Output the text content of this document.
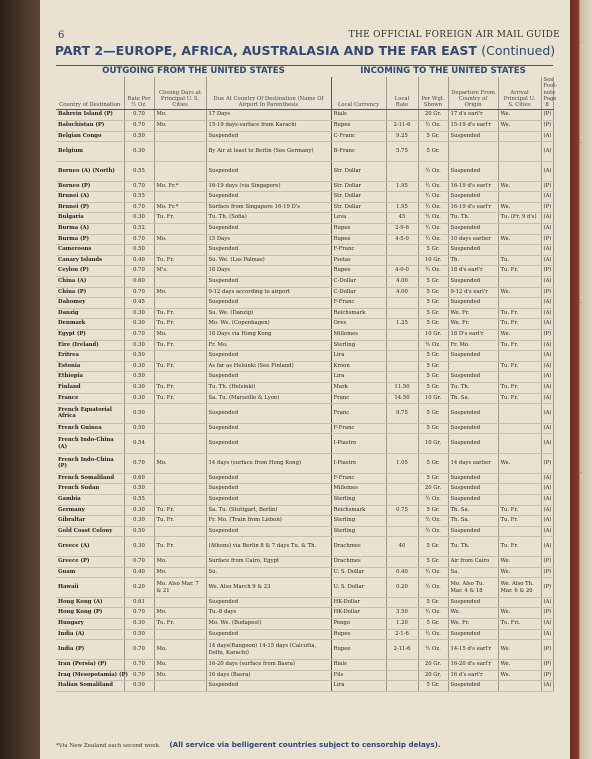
—
—
—
—
6	THE OFFICIAL FOREIGN AIR MAIL GUIDE
PART 2—EUROPE, AFRICA, AUSTRALASIA AND THE FAR EAST (Continued)
OUTGOING FROM THE UNITED STATES	INCOMING TO THE UNITED STATES
Country of Destination	Rate Per ½ Oz.	Closing Days at Principal U. S. Cities	Due At Country Of Destination (Name Of Airport In Parenthesis	Local Currency	Local Rate	Per Wgt. Shown	Departure From Country of Origin	Arrival Principal U. S. Cities	See Foot- note Page 8
Bahrein Island (P)	0.70	Mo.	17 Days	Rials		20 Gr.	17 d's earl'r	We.	(P)
Baluchistan (P)	0.70	Mo.	15-19 days-surface from Karachi	Rupee	2-11-6	½ Oz.	15-19 d's earl'r	We.	(P)
Belgian Congo	0.50		Suspended	C-Franc	9.25	5 Gr.	Suspended		(A)
Belgium	0.30		By Air at least to Berlin (See Germany)	B-Franc	5.75	5 Gr.			(A)
Borneo (A) (North)	0.55		Suspended	Str. Dollar		½ Oz.	Suspended		(A)
Borneo (P)	0.70	Mo. Fr.*	16-19 days (via Singapore)	Str. Dollar	1.95	½ Oz.	16-19 d's earl'r	We.	(P)
Brunei (A)	0.55		Suspended	Str. Dollar		½ Oz.	Suspended		(A)
Brunei (P)	0.70	Mo. Fr.*	Surface from Singapore 16-19 D's	Str. Dollar	1.95	½ Oz.	16-19 d's earl'r	We.	(P)
Bulgaria	0.30	Tu. Fr.	Tu. Th. (Sofia)	Leva	45	½ Oz.	Tu. Th.	Tu. (Fr. 9 d's)	(A)
Burma (A)	0.52		Suspended	Rupee	2-9-6	½ Oz.	Suspended		(A)
Burma (P)	0.70	Mo.	15 Days	Rupee	4-5-0	½ Oz.	10 days earlier	We.	(P)
Cameroons	0.50		Suspended	F-Franc		5 Gr.	Suspended		(A)
Canary Islands	0.40	Tu. Fr.	Su. We. (Las Palmas)	Psetas		10 Gr.	Th.	Tu.	(A)
Ceylon (P)	0.70	M's.	18 Days	Rupee	4-0-0	½ Oz.	18 d's earl'r	Tu. Fr.	(P)
China (A)	0.60		Suspended	C-Dollar	4.00	5 Gr.	Suspended		(A)
China (P)	0.70	Mo.	9-12 days according to airport	C-Dollar	4.00	5 Gr.	9-12 d's earl'r	We.	(P)
Dahomey	0.45		Suspended	F-Franc		5 Gr.	Suspended		(A)
Danzig	0.30	Tu. Fr.	Su. We. (Danzig)	Reichsmark		5 Gr.	We. Fr.	Tu. Fr.	(A)
Denmark	0.30	Tu. Fr.	Mo. We. (Copenhagen)	Ores	1.25	5 Gr.	We. Fr.	Tu. Fr.	(A)
Egypt (P)	0.70	Mo.	18 Days via Hong Kong	Millemes		10 Gr.	18 D's earl'r	We.	(P)
Eire (Ireland)	0.30	Tu. Fr.	Fr. Mo.	Sterling		½ Oz.	Fr. Mo.	Tu. Fr.	(A)
Eritrea	0.50		Suspended	Lira		5 Gr.	Suspended		(A)
Estonia	0.30	Tu. Fr.	As far as Helsinki (See Finland)	Kroon		5 Gr.		Tu. Fr.	(A)
Ethiopia	0.50		Suspended	Lira		5 Gr.	Suspended		(A)
Finland	0.30	Tu. Fr.	Tu. Th. (Helsinki)	Mark	11.50	5 Gr.	Tu. Th.	Tu. Fr.	(A)
France	0.30	Tu. Fr.	Sa. Tu. (Marseille & Lyon)	Franc	14.50	10 Gr.	Th. Sa.	Tu. Fr.	(A)
French Equatorial Africa	0.50		Suspended	Franc	9.75	5 Gr.	Suspended		(A)
French Guinea	0.50		Suspended	F-Franc		5 Gr.	Suspended		(A)
French Indo-China (A)	0.54		Suspended	I-Piastre		10 Gr.	Suspended		(A)
French Indo-China (P)	0.70	Mo.	14 days (surface from Hong Kong)	I-Piastre	1.05	5 Gr.	14 days earlier	We.	(P)
French Somaliland	0.60		Suspended	F-Franc		5 Gr.	Suspended		(A)
French Sudan	0.50		Suspended	Millemes		20 Gr.	Suspended		(A)
Gambia	0.55		Suspended	Sterling		½ Oz.	Suspended		(A)
Germany	0.30	Tu. Fr.	Sa. Tu. (Stuttgart, Berlin)	Reichsmark	0.75	5 Gr.	Th. Sa.	Tu. Fr.	(A)
Gibraltar	0.30	Tu. Fr.	Fr. Mo. (Train from Lisbon)	Sterling		½ Oz.	Th. Sa.	Tu. Fr.	(A)
Gold Coast Colony	0.50		Suspended	Sterling		½ Oz.	Suspended		(A)
Greece (A)	0.30	Tu. Fr.	(Athens) via Berlin 8 & 7 days Tu. & Th.	Drachmes	40	5 Gr.	Tu. Th.	Tu. Fr.	(A)
Greece (P)	0.70	Mo.	Surface from Cairo, Egypt	Drachmes		5 Gr.	Air from Cairo	We.	(P)
Guam	0.40	Mo.	Su.	U. S. Dollar	0.40	½ Oz.	Sa.	We.	(P)
Hawaii	0.20	Mo. Also Mar. 7 & 21	We. Also March 9 & 23	U. S. Dollar	0.20	½ Oz.	Mo. Also Tu. Mar. 4 & 18	We. Also Th. Mar. 6 & 20	(P)
Hong Kong (A)	0.61		Suspended	HK-Dollar		5 Gr.	Suspended		(A)
Hong Kong (P)	0.70	Mo.	Tu.-8 days	HK-Dollar	3.50	½ Oz.	We.	We.	(P)
Hungary	0.30	Tu. Fr.	Mo. We. (Budapest)	Pengo	1.20	5 Gr.	We. Fr.	Tu. Fri.	(A)
India (A)	0.50		Suspended	Rupee	2-1-6	½ Oz.	Suspended		(A)
India (P)	0.70	Mo.	14 days(Rangoon) 14-15 days (Calcutta, Delhi, Karachi)	Rupee	2-11-6	½ Oz.	14-15 d's earl'r	We.	(P)
Iran (Persia) (P)	0.70	Mo.	16-20 days (surface from Basra)	Rials		20 Gr.	16-20 d's earl'r	We.	(P)
Iraq (Mesopotamia) (P)	0.70	Mo.	16 days (Basra)	Fils		20 Gr.	16 d's earl'r	We.	(P)
Italian Somaliland	0.50		Suspended	Lira		5 Gr.	Suspended		(A)
*Via New Zealand each second week.	(All service via belligerent countries subject to censorship delays).
